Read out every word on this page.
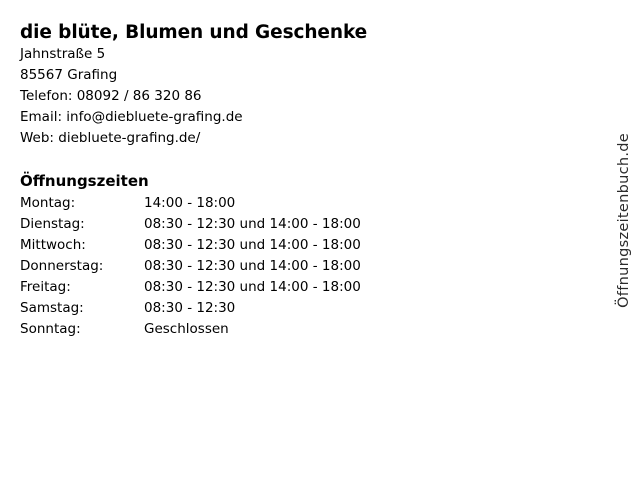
die blüte, Blumen und Geschenke
Jahnstraße 5
85567 Grafing
Telefon: 08092 / 86 320 86
Email: info@diebluete-grafing.de
Web: diebluete-grafing.de/
Öffnungszeiten
Montag:	14:00 - 18:00
Dienstag:	08:30 - 12:30 und 14:00 - 18:00
Mittwoch:	08:30 - 12:30 und 14:00 - 18:00
Donnerstag:	08:30 - 12:30 und 14:00 - 18:00
Freitag:	08:30 - 12:30 und 14:00 - 18:00
Samstag:	08:30 - 12:30
Sonntag:	Geschlossen
Öffnungszeitenbuch.de
